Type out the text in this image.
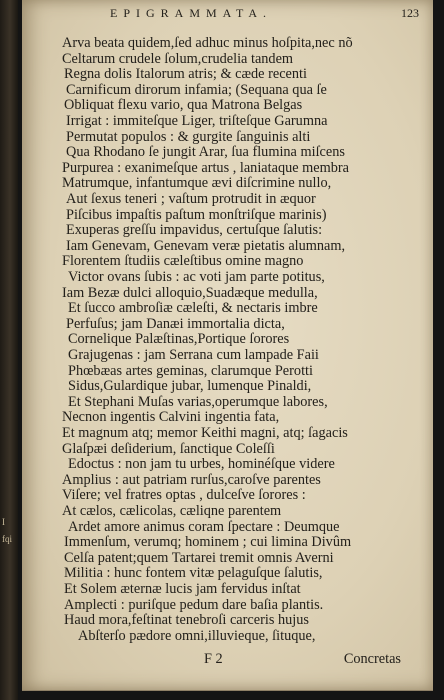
I
fqi
EPIGRAMMATA.	123
Arva beata quidem,ſed adhuc minus hoſpita,nec nõ
Celtarum crudele ſolum,crudelia tandem
Regna dolis Italorum atris; & cæde recenti
Carnificum dirorum infamia; (Sequana qua ſe
Obliquat flexu vario, qua Matrona Belgas
Irrigat : immiteſque Liger, triſteſque Garumna
Permutat populos : & gurgite ſanguinis alti
Qua Rhodano ſe jungit Arar, ſua flumina miſcens
Purpurea : exanimeſque artus , laniataque membra
Matrumque, infantumque ævi diſcrimine nullo,
Aut ſexus teneri ; vaſtum protrudit in æquor
Piſcibus impaſtis paſtum monſtriſque marinis)
Exuperas greſſu impavidus, certuſque ſalutis:
Iam Genevam, Genevam veræ pietatis alumnam,
Florentem ſtudiis cæleſtibus omine magno
Victor ovans ſubis : ac voti jam parte potitus,
Iam Bezæ dulci alloquio,Suadæque medulla,
Et ſucco ambroſiæ cæleſti, & nectaris imbre
Perfuſus; jam Danæi immortalia dicta,
Cornelique Palæſtinas,Portique ſorores
Grajugenas : jam Serrana cum lampade Faii
Phœbæas artes geminas, clarumque Perotti
Sidus,Gulardique jubar, lumenque Pinaldi,
Et Stephani Muſas varias,operumque labores,
Necnon ingentis Calvini ingentia fata,
Et magnum atq; memor Keithi magni, atq; ſagacis
Glaſpæi deſiderium, ſanctique Coleſſi
Edoctus : non jam tu urbes, hominéſque videre
Amplius : aut patriam rurſus,caroſve parentes
Viſere; vel fratres optas , dulceſve ſorores :
At cælos, cælicolas, cæliqne parentem
Ardet amore animus coram ſpectare : Deumque
Immenſum, verumq; hominem ; cui limina Divûm
Celſa patent;quem Tartarei tremit omnis Averni
Militia : hunc fontem vitæ pelaguſque ſalutis,
Et Solem æternæ lucis jam fervidus inſtat
Amplecti : puriſque pedum dare baſia plantis.
Haud mora,feſtinat tenebroſi carceris hujus
Abſterſo pædore omni,illuvieque, ſituque,
F 2	Concretas
